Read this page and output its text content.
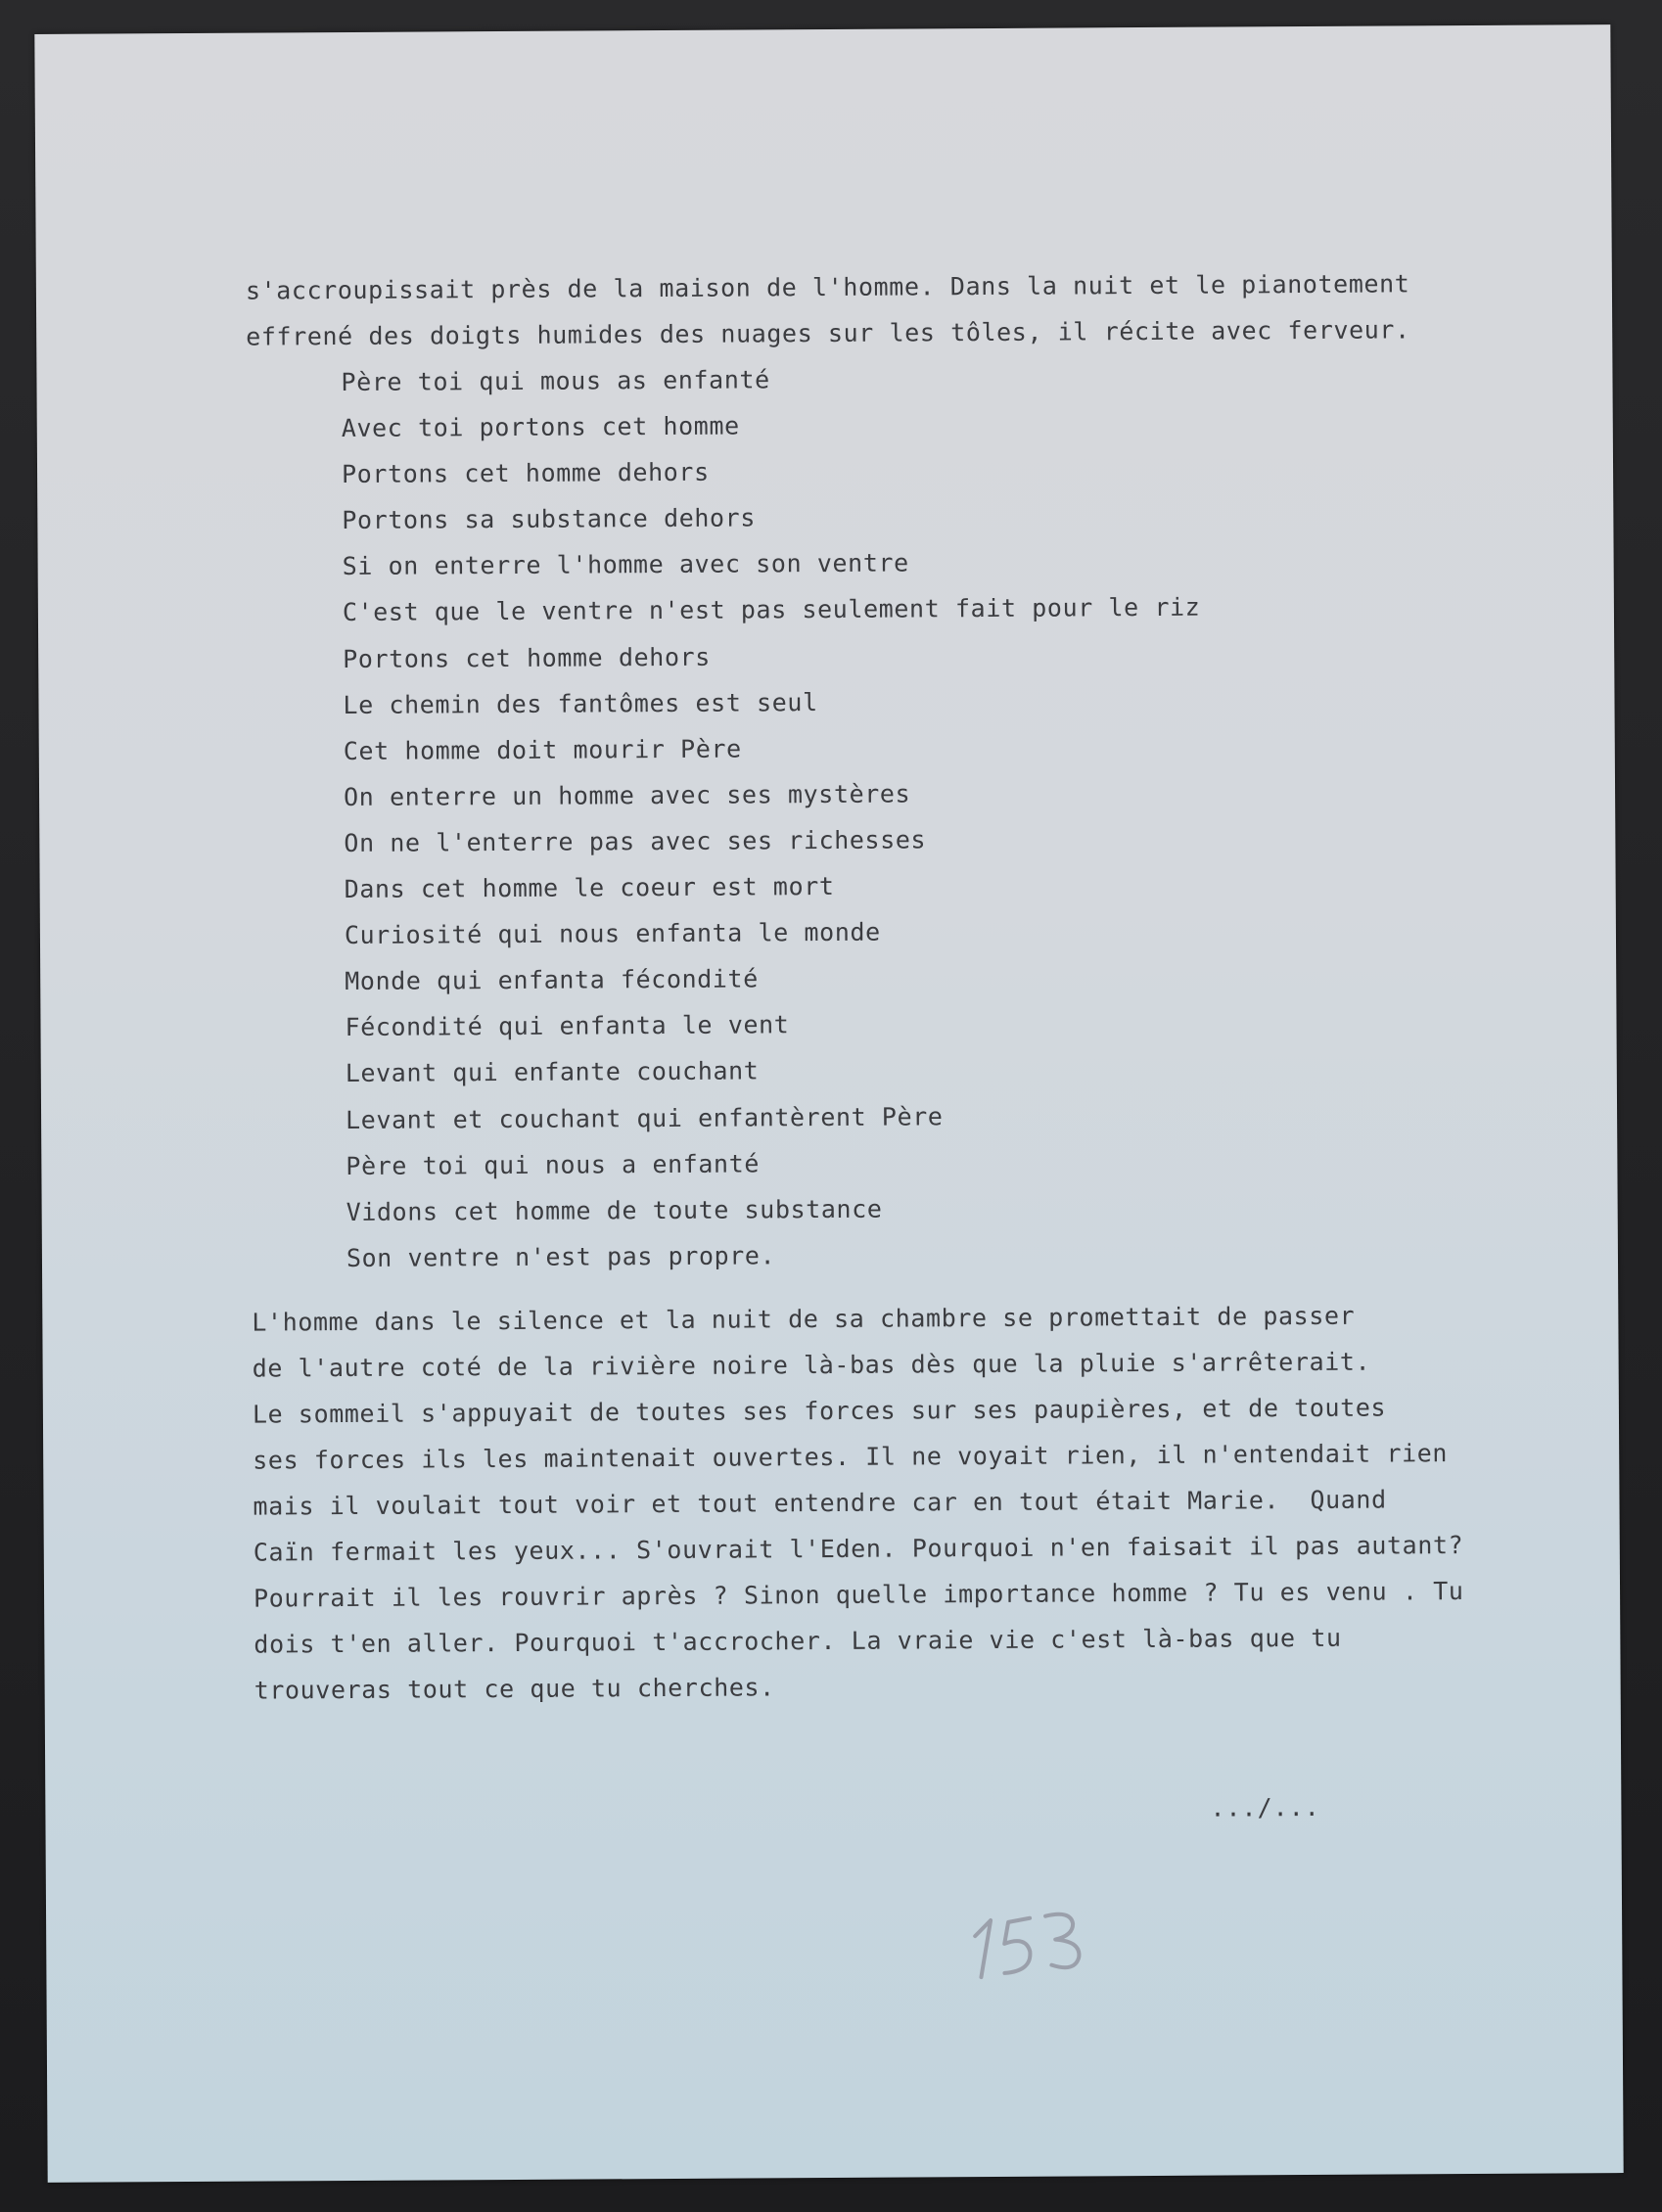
s'accroupissait près de la maison de l'homme. Dans la nuit et le pianotement
effrené des doigts humides des nuages sur les tôles, il récite avec ferveur.
Père toi qui mous as enfanté
Avec toi portons cet homme
Portons cet homme dehors
Portons sa substance dehors
Si on enterre l'homme avec son ventre
C'est que le ventre n'est pas seulement fait pour le riz
Portons cet homme dehors
Le chemin des fantômes est seul
Cet homme doit mourir Père
On enterre un homme avec ses mystères
On ne l'enterre pas avec ses richesses
Dans cet homme le coeur est mort
Curiosité qui nous enfanta le monde
Monde qui enfanta fécondité
Fécondité qui enfanta le vent
Levant qui enfante couchant
Levant et couchant qui enfantèrent Père
Père toi qui nous a enfanté
Vidons cet homme de toute substance
Son ventre n'est pas propre.
L'homme dans le silence et la nuit de sa chambre se promettait de passer
de l'autre coté de la rivière noire là-bas dès que la pluie s'arrêterait.
Le sommeil s'appuyait de toutes ses forces sur ses paupières, et de toutes
ses forces ils les maintenait ouvertes. Il ne voyait rien, il n'entendait rien
mais il voulait tout voir et tout entendre car en tout était Marie.  Quand
Caïn fermait les yeux... S'ouvrait l'Eden. Pourquoi n'en faisait il pas autant?
Pourrait il les rouvrir après ? Sinon quelle importance homme ? Tu es venu . Tu
dois t'en aller. Pourquoi t'accrocher. La vraie vie c'est là-bas que tu
trouveras tout ce que tu cherches.
.../...
